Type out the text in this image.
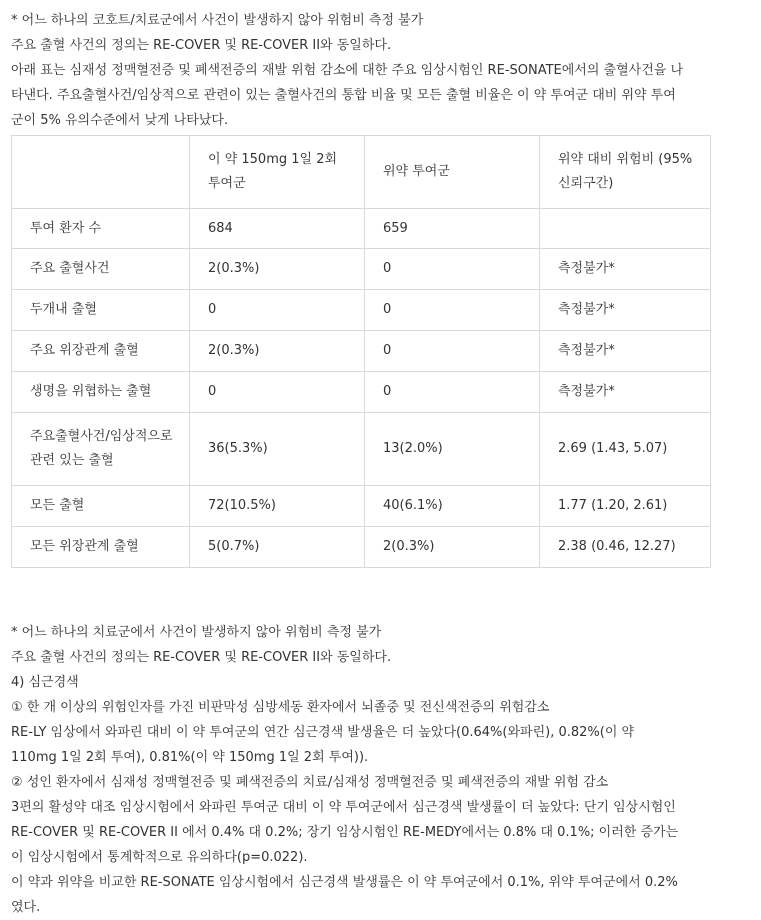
* 어느 하나의 코호트/치료군에서 사건이 발생하지 않아 위험비 측정 불가

주요 출혈 사건의 정의는 RE-COVER 및 RE-COVER II와 동일하다.

아래 표는 심재성 정맥혈전증 및 폐색전증의 재발 위험 감소에 대한 주요 임상시험인 RE-SONATE에서의 출혈사건을 나

타낸다. 주요출혈사건/임상적으로 관련이 있는 출혈사건의 통합 비율 및 모든 출혈 비율은 이 약 투여군 대비 위약 투여

군이 5% 유의수준에서 낮게 나타났다.

	이 약 150mg 1일 2회 투여군	위약 투여군	위약 대비 위험비 (95% 신뢰구간)
투여 환자 수	684	659	
주요 출혈사건	2(0.3%)	0	측정불가*
두개내 출혈	0	0	측정불가*
주요 위장관계 출혈	2(0.3%)	0	측정불가*
생명을 위협하는 출혈	0	0	측정불가*
주요출혈사건/임상적으로 관련 있는 출혈	36(5.3%)	13(2.0%)	2.69 (1.43, 5.07)
모든 출혈	72(10.5%)	40(6.1%)	1.77 (1.20, 2.61)
모든 위장관계 출혈	5(0.7%)	2(0.3%)	2.38 (0.46, 12.27)

* 어느 하나의 치료군에서 사건이 발생하지 않아 위험비 측정 불가

주요 출혈 사건의 정의는 RE-COVER 및 RE-COVER II와 동일하다.

4) 심근경색

① 한 개 이상의 위험인자를 가진 비판막성 심방세동 환자에서 뇌졸중 및 전신색전증의 위험감소

RE-LY 임상에서 와파린 대비 이 약 투여군의 연간 심근경색 발생율은 더 높았다(0.64%(와파린), 0.82%(이 약

110mg 1일 2회 투여), 0.81%(이 약 150mg 1일 2회 투여)).

② 성인 환자에서 심재성 정맥혈전증 및 폐색전증의 치료/심재성 정맥혈전증 및 폐색전증의 재발 위험 감소

3편의 활성약 대조 임상시험에서 와파린 투여군 대비 이 약 투여군에서 심근경색 발생률이 더 높았다: 단기 임상시험인

RE-COVER 및 RE-COVER II 에서 0.4% 대 0.2%; 장기 임상시험인 RE-MEDY에서는 0.8% 대 0.1%; 이러한 증가는

이 임상시험에서 통계학적으로 유의하다(p=0.022).

이 약과 위약을 비교한 RE-SONATE 임상시험에서 심근경색 발생률은 이 약 투여군에서 0.1%, 위약 투여군에서 0.2%

였다.
